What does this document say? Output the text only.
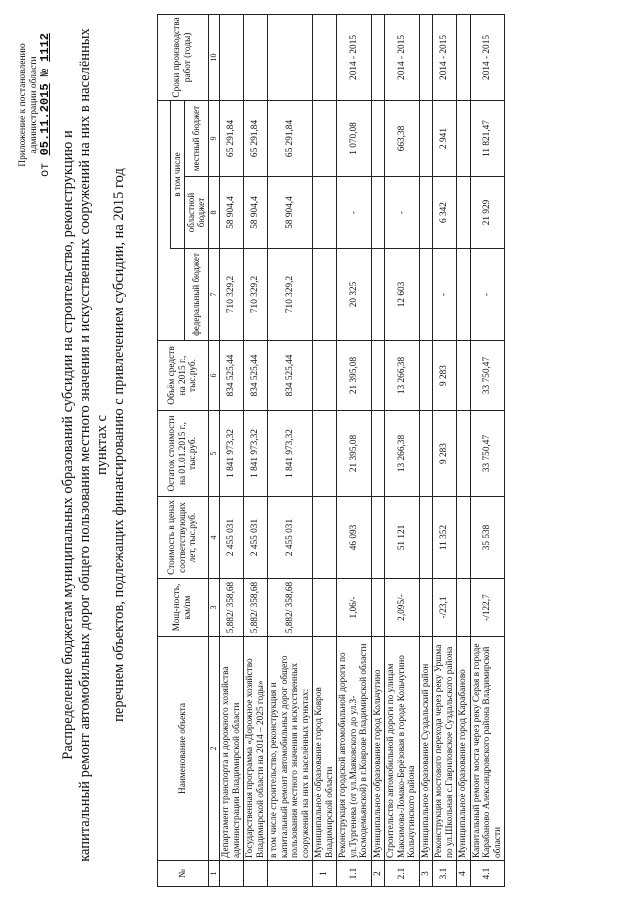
Приложение к постановлению администрации области
от 05.11.2015 № 1112
Распределение бюджетам муниципальных образований субсидии на строительство, реконструкцию и капитальный ремонт автомобильных дорог общего пользования местного значения и искусственных сооружений на них в населённых пунктах с перечнем объектов, подлежащих финансированию с привлечением субсидии, на 2015 год
№	Наименование объекта	Мощ-ность, км/пм	Стоимость в ценах соответствующих лет, тыс.руб.	Остаток стоимости на 01.01.2015 г., тыс.руб.	Объём средств на 2015 г., тыс.руб.				Сроки производства работ (годы)
							в том числе		
						федеральный бюджет	областной бюджет	местный бюджет	
1	2	3	4	5	6	7	8	9	10
	Департамент транспорта и дорожного хозяйства администрации Владимирской области	5,882/ 358,68	2 455 031	1 841 973,32	834 525,44	710 329,2	58 904,4	65 291,84	
	Государственная программа «Дорожное хозяйство Владимирской области на 2014 – 2025 годы»	5,882/ 358,68	2 455 031	1 841 973,32	834 525,44	710 329,2	58 904,4	65 291,84	
	в том числе строительство, реконструкция и капитальный ремонт автомобильных дорог общего пользования местного значения и искусственных сооружений на них в населённых пунктах:	5,882/ 358,68	2 455 031	1 841 973,32	834 525,44	710 329,2	58 904,4	65 291,84	
1	Муниципальное образование город Ковров Владимирской области								
1.1	Реконструкция городской автомобильной дороги по ул.Тургенева (от ул.Маяковского до ул.3-Космодемьянской) в г.Коврове Владимирской области	1,06/-	46 093	21 395,08	21 395,08	20 325	-	1 070,08	2014 - 2015
2	Муниципальное образование город Кольчугино								
2.1	Строительство автомобильной дороги по улицам Максимова-Ломако-Берёзовая в городе Кольчугино Кольчугинского района	2,095/-	51 121	13 266,38	13 266,38	12 603	-	663,38	2014 - 2015
3	Муниципальное образование Суздальский район								
3.1	Реконструкция мостового перехода через реку Уршма по ул.Школьная с.Гавриловское Суздальского района	-/23,1	11 352	9 283	9 283	-	6 342	2 941	2014 - 2015
4	Муниципальное образование город Карабаново								
4.1	Капитальный ремонт моста через реку Серая в городе Карабаново Александровского района Владимирской области	-/122,7	35 538	33 750,47	33 750,47	-	21 929	11 821,47	2014 - 2015
